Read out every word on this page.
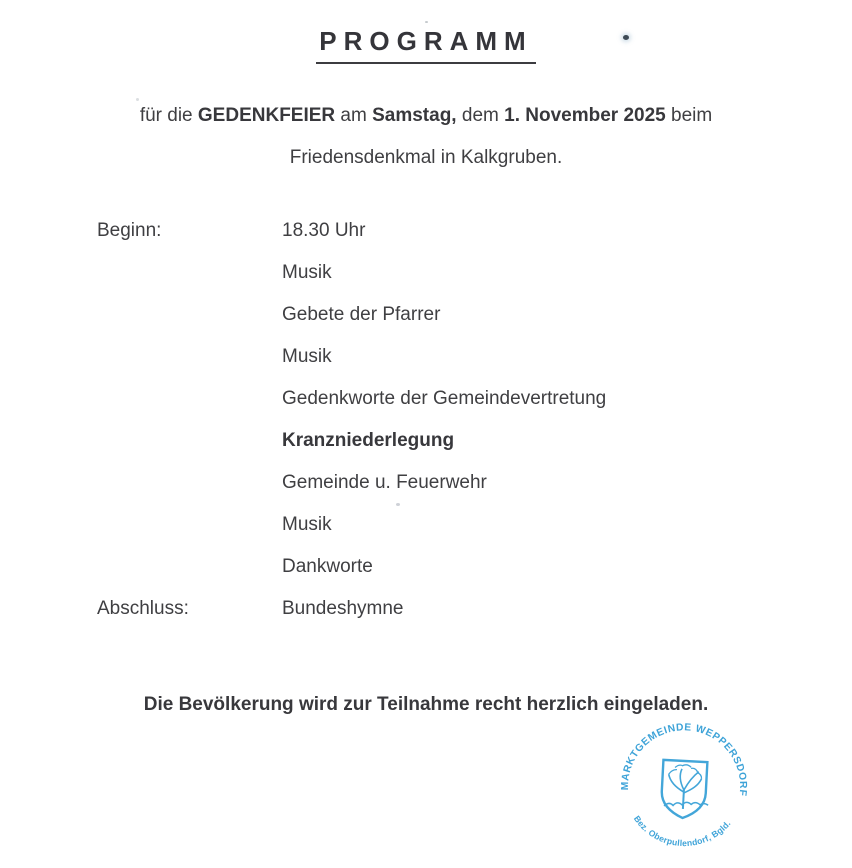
PROGRAMM
für die GEDENKFEIER am Samstag, dem 1. November 2025 beim
Friedensdenkmal in Kalkgruben.
Beginn:	18.30 Uhr
Musik
Gebete der Pfarrer
Musik
Gedenkworte der Gemeindevertretung
Kranzniederlegung
Gemeinde u. Feuerwehr
Musik
Dankworte
Abschluss:	Bundeshymne

Die Bevölkerung wird zur Teilnahme recht herzlich eingeladen.

MARKTGEMEINDE WEPPERSDORF
Bez. Oberpullendorf, Bgld.
